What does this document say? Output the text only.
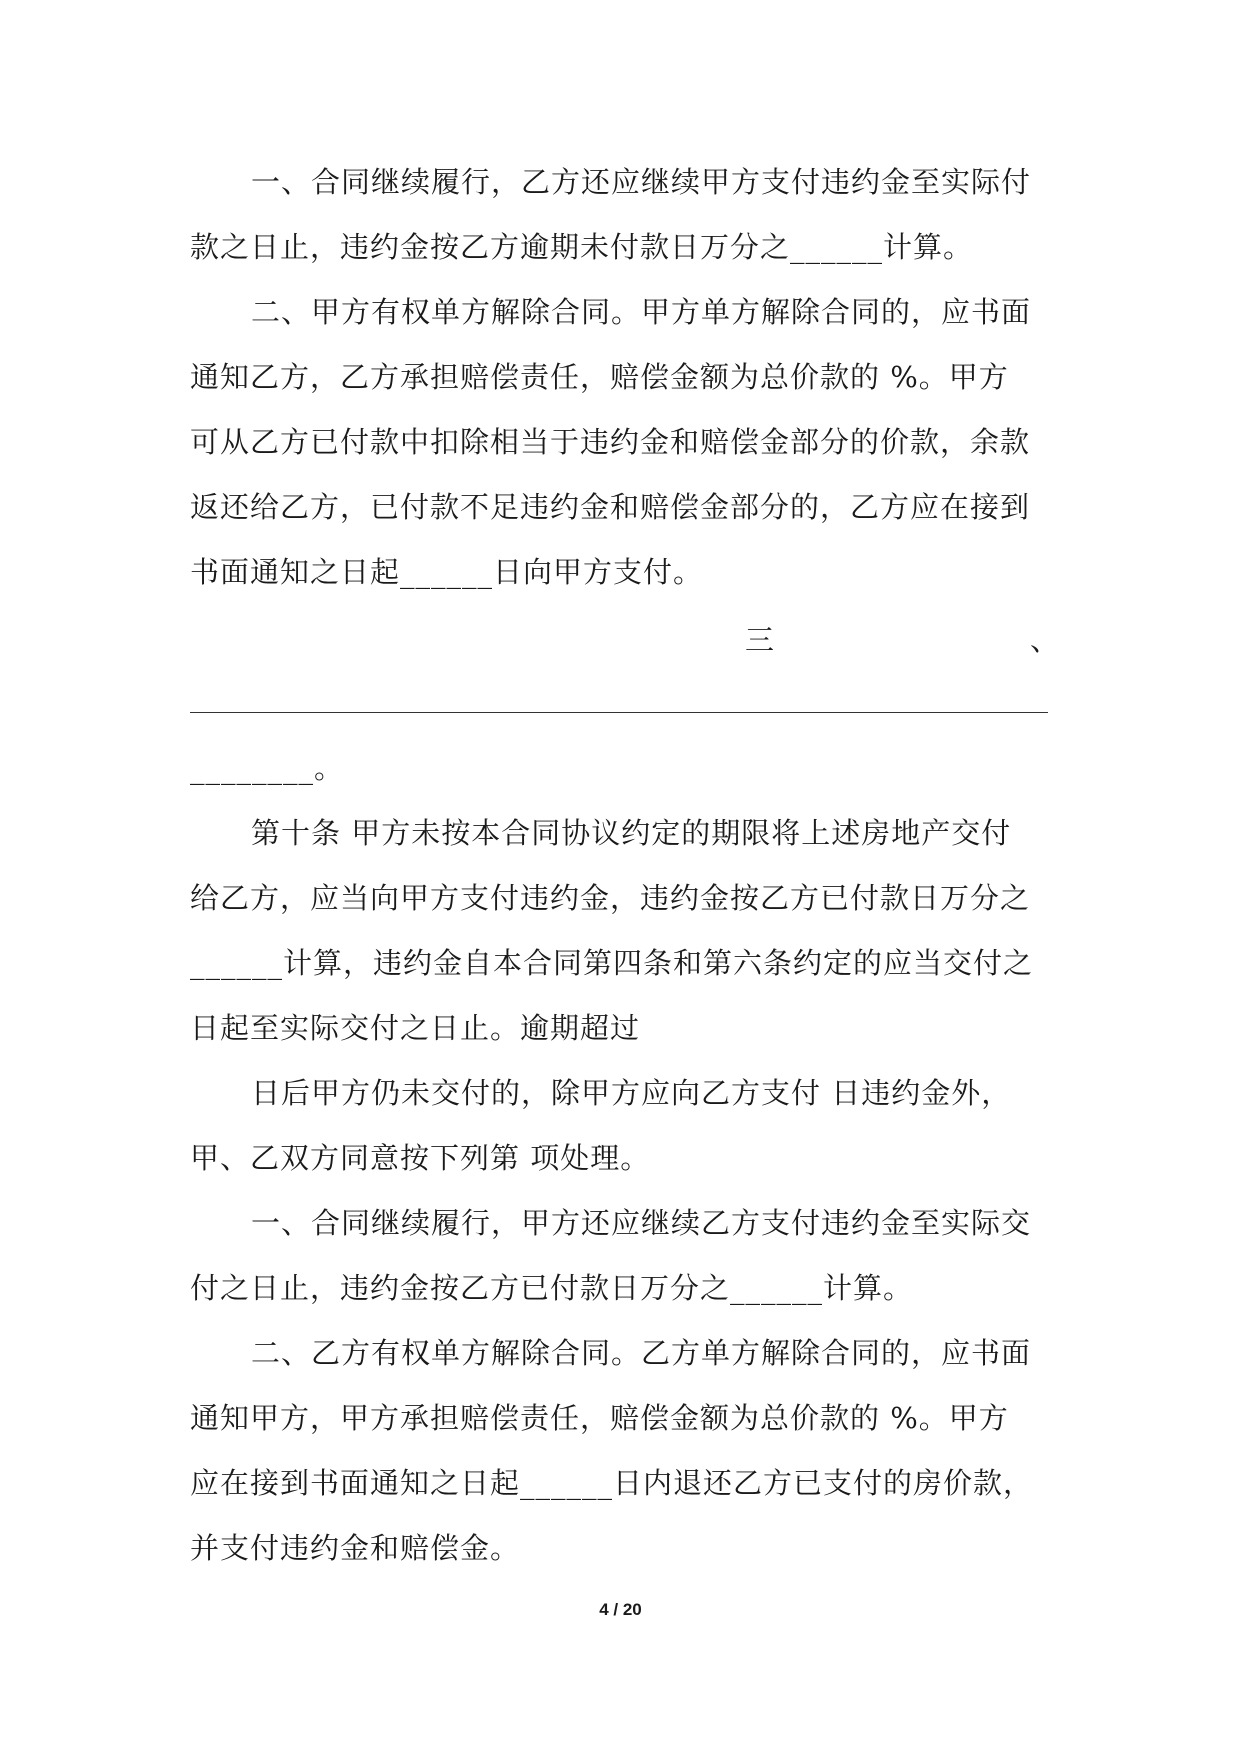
一、合同继续履行，乙方还应继续甲方支付违约金至实际付
款之日止，违约金按乙方逾期未付款日万分之______计算。
二、甲方有权单方解除合同。甲方单方解除合同的，应书面
通知乙方，乙方承担赔偿责任，赔偿金额为总价款的 %。甲方
可从乙方已付款中扣除相当于违约金和赔偿金部分的价款，余款
返还给乙方，已付款不足违约金和赔偿金部分的，乙方应在接到
书面通知之日起______日向甲方支付。
三	、
________。
第十条 甲方未按本合同协议约定的期限将上述房地产交付
给乙方，应当向甲方支付违约金，违约金按乙方已付款日万分之
______计算，违约金自本合同第四条和第六条约定的应当交付之
日起至实际交付之日止。逾期超过
日后甲方仍未交付的，除甲方应向乙方支付 日违约金外，
甲、乙双方同意按下列第 项处理。
一、合同继续履行，甲方还应继续乙方支付违约金至实际交
付之日止，违约金按乙方已付款日万分之______计算。
二、乙方有权单方解除合同。乙方单方解除合同的，应书面
通知甲方，甲方承担赔偿责任，赔偿金额为总价款的 %。甲方
应在接到书面通知之日起______日内退还乙方已支付的房价款，
并支付违约金和赔偿金。
4 / 20
